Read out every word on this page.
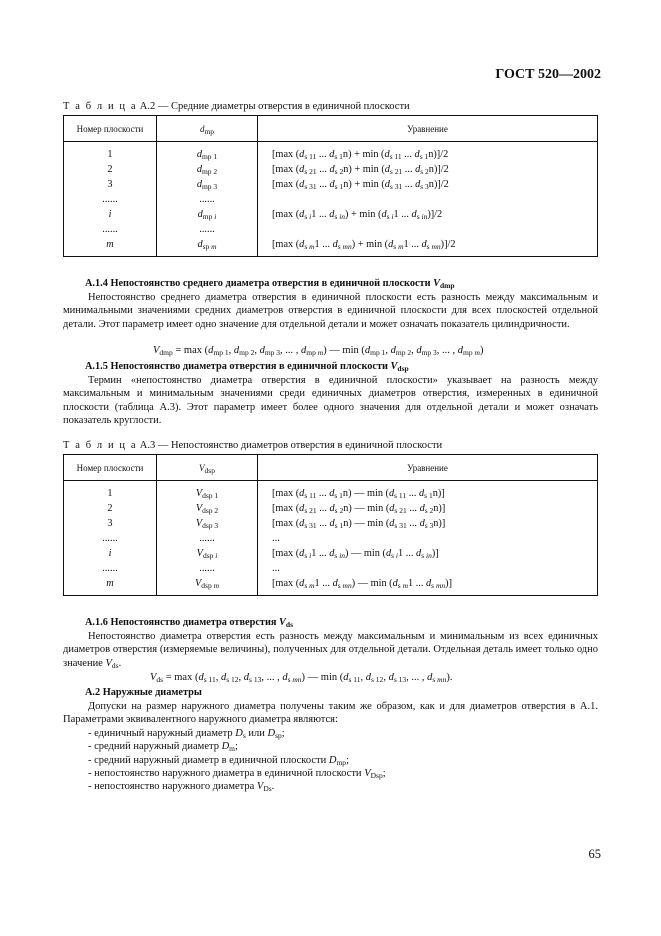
ГОСТ 520—2002
Т а б л и ц а А.2 — Средние диаметры отверстия в единичной плоскости
Номер плоскости	$d_{mp}$	Уравнение
1	$d_{mp 1}$	[max ($d_{s 11}$ ... $d_{s 1}n) + \min (d_{s 11}$ ... $d_{s 1}n)]/2$
2	$d_{mp 2}$	[max ($d_{s 21}$ ... $d_{s 2}n) + \min (d_{s 21}$ ... $d_{s 2}n)]/2$
3	$d_{mp 3}$	[max ($d_{s 31}$ ... $d_{s 1}n) + \min (d_{s 31}$ ... $d_{s 3}n)]/2$
......	......	
i	$d_{mp i}$	[max ($d_{s i}1$ ... $d_{s in}) + \min (d_{s i}1$ ... $d_{s in})]/2$
......	......	
m	$d_{sp m}$	[max ($d_{s m}1$ ... $d_{s mn}) + \min (d_{s m}1$ ... $d_{s mn})]/2$
A.1.4 Непостоянство среднего диаметра отверстия в единичной плоскости $V_{dmp}$
Непостоянство среднего диаметра отверстия в единичной плоскости есть разность между максимальным и минимальными значениями средних диаметров отверстия в единичной плоскости для всех плоскостей отдельной детали. Этот параметр имеет одно значение для отдельной детали и может означать показатель цилиндричности.
$V_{dmp} = \max (d_{mp 1}$, $d_{mp 2}$, $d_{mp 3}$, ... , $d_{mp m}$) — $\min (d_{mp 1}$, $d_{mp 2}$, $d_{mp 3}$, ... , $d_{mp m}$)
A.1.5 Непостоянство диаметра отверстия в единичной плоскости $V_{dsp}$
Термин «непостоянство диаметра отверстия в единичной плоскости» указывает на разность между максимальным и минимальным значениями среди единичных диаметров отверстия, измеренных в единичной плоскости (таблица А.3). Этот параметр имеет более одного значения для отдельной детали и может означать показатель круглости.
Т а б л и ц а А.3 — Непостоянство диаметров отверстия в единичной плоскости
Номер плоскости	$V_{dsp}$	Уравнение
1	$V_{dsp 1}$	[max ($d_{s 11}$ ... $d_{s 1}n$) — $\min (d_{s 11}$ ... $d_{s 1}n$)]
2	$V_{dsp 2}$	[max ($d_{s 21}$ ... $d_{s 2}n$) — $\min (d_{s 21}$ ... $d_{s 2}n$)]
3	$V_{dsp 3}$	[max ($d_{s 31}$ ... $d_{s 1}n$) — $\min (d_{s 31}$ ... $d_{s 3}n$)]
......	......	...
i	$V_{dsp i}$	[max ($d_{s i}1$ ... $d_{s in}$) — $\min (d_{s i}1$ ... $d_{s in}$)]
......	......	...
m	$V_{dsp m}$	[max ($d_{s m}1$ ... $d_{s mn}$) — $\min (d_{s m}1$ ... $d_{s mn}$)]
A.1.6 Непостоянство диаметра отверстия $V_{ds}$
Непостоянство диаметра отверстия есть разность между максимальным и минимальным из всех единичных диаметров отверстия (измеряемые величины), полученных для отдельной детали. Отдельная деталь имеет только одно значение $V_{ds}$.
$V_{ds} = \max (d_{s 11}$, $d_{s 12}$, $d_{s 13}$, ... , $d_{s mn}$) — $\min (d_{s 11}$, $d_{s 12}$, $d_{s 13}$, ... , $d_{s mn}$).
A.2 Наружные диаметры
Допуски на размер наружного диаметра получены таким же образом, как и для диаметров отверстия в А.1. Параметрами эквивалентного наружного диаметра являются:
- единичный наружный диаметр $D_s$ или $D_{sp}$;
- средний наружный диаметр $D_m$;
- средний наружный диаметр в единичной плоскости $D_{mp}$;
- непостоянство наружного диаметра в единичной плоскости $V_{Dsp}$;
- непостоянство наружного диаметра $V_{Ds}$.
65
